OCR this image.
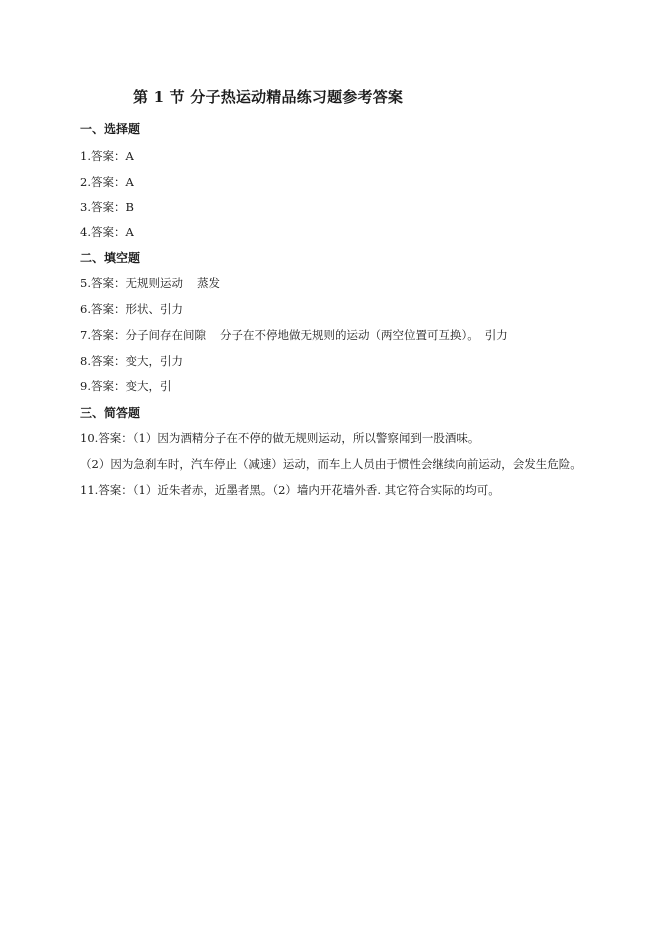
第 1 节 分子热运动精品练习题参考答案
一、选择题
1.答案：A
2.答案：A
3.答案：B
4.答案：A
二、填空题
5.答案：无规则运动 蒸发
6.答案：形状、引力
7.答案：分子间存在间隙 分子在不停地做无规则的运动（两空位置可互换）。 引力
8.答案：变大，引力
9.答案：变大，引
三、简答题
10.答案：（1）因为酒精分子在不停的做无规则运动，所以警察闻到一股酒味。
（2）因为急刹车时，汽车停止（减速）运动，而车上人员由于惯性会继续向前运动，会发生危险。
11.答案：（1）近朱者赤，近墨者黑。（2）墙内开花墙外香. 其它符合实际的均可。
